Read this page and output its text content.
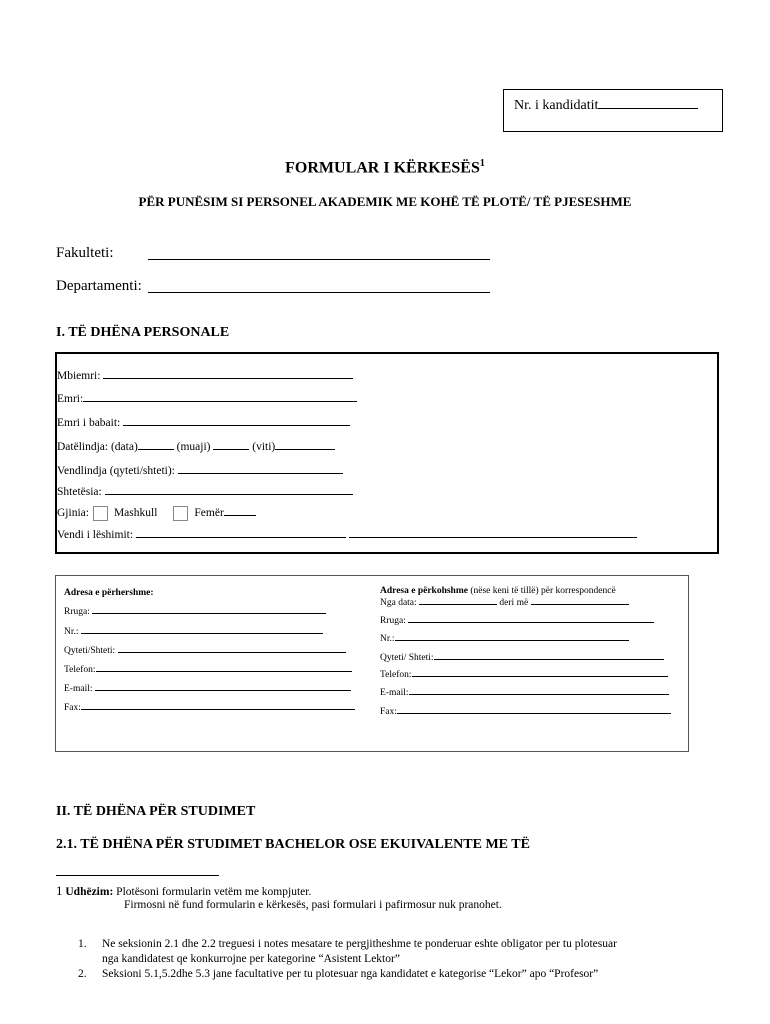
Nr. i kandidatit
FORMULAR I KËRKESËS$^1$
PËR PUNËSIM SI PERSONEL AKADEMIK ME KOHË TË PLOTË/ TË PJESESHME
Fakulteti:
Departamenti:
I. TË DHËNA PERSONALE
Mbiemri:
Emri:
Emri i babait:
Datëlindja: (data)	(muaji)	(viti)
Vendlindja (qyteti/shteti):
Shtetësia:
Gjinia: Mashkull	Femër
Vendi i lëshimit:
Adresa e përhershme:
Rruga:
Nr.:
Qyteti/Shteti:
Telefon:
E-mail:
Fax:
Adresa e përkohshme (nëse keni të tillë) për korrespondencë
Nga data:	deri më
Rruga:
Nr.:
Qyteti/ Shteti:
Telefon:
E-mail:
Fax:
II. TË DHËNA PËR STUDIMET
2.1. TË DHËNA PËR STUDIMET BACHELOR OSE EKUIVALENTE ME TË
1 Udhëzim: Plotësoni formularin vetëm me kompjuter.
Firmosni në fund formularin e kërkesës, pasi formulari i pafirmosur nuk pranohet.
1. Ne seksionin 2.1 dhe 2.2 treguesi i notes mesatare te pergjitheshme te ponderuar eshte obligator per tu plotesuar
nga kandidatest qe konkurrojne per kategorine “Asistent Lektor”
2. Seksioni 5.1,5.2dhe 5.3 jane facultative per tu plotesuar nga kandidatet e kategorise “Lekor” apo “Profesor”
